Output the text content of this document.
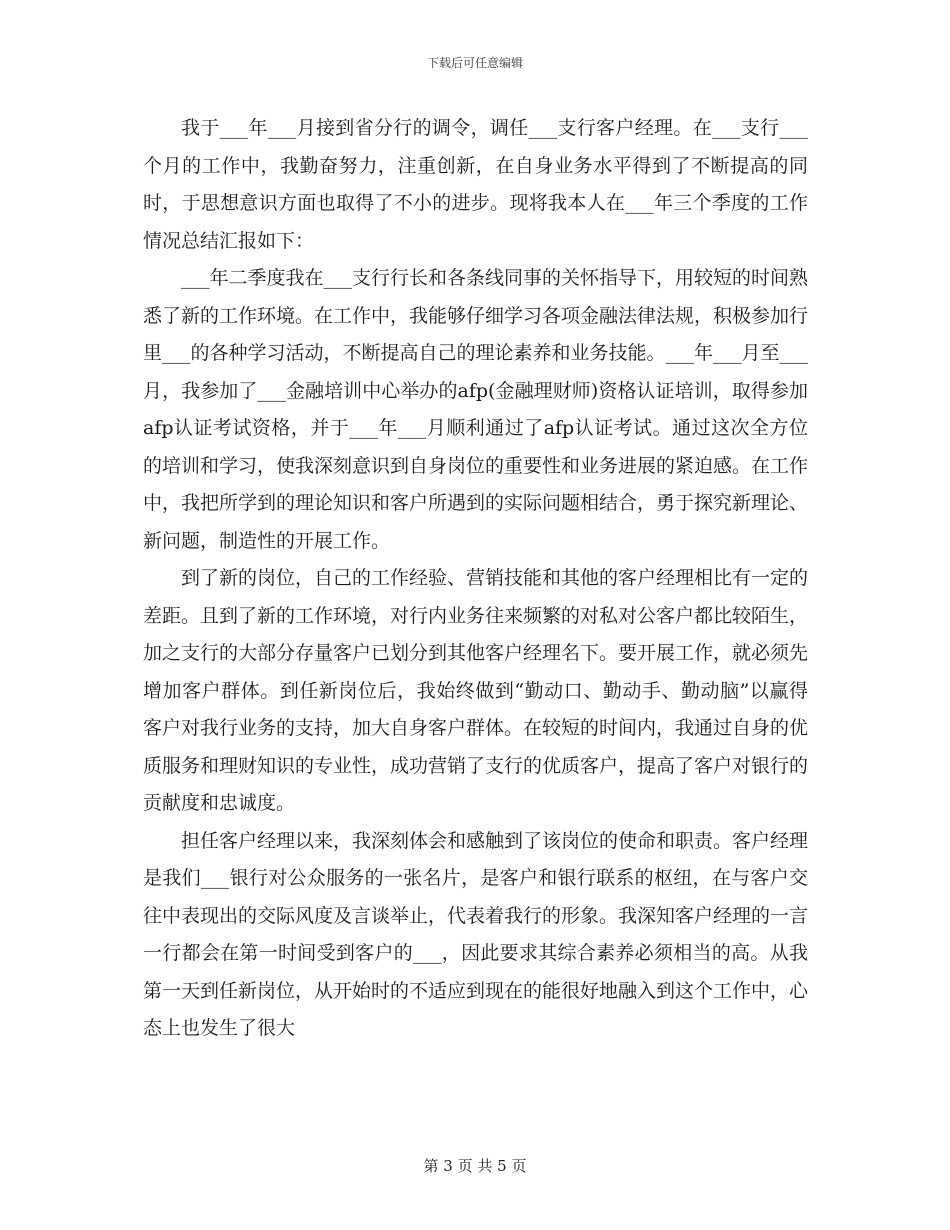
下载后可任意编辑

我于___年___月接到省分行的调令，调任___支行客户经理。在___支行___个月的工作中，我勤奋努力，注重创新，在自身业务水平得到了不断提高的同时，于思想意识方面也取得了不小的进步。现将我本人在___年三个季度的工作情况总结汇报如下：

___年二季度我在___支行行长和各条线同事的关怀指导下，用较短的时间熟悉了新的工作环境。在工作中，我能够仔细学习各项金融法律法规，积极参加行里___的各种学习活动，不断提高自己的理论素养和业务技能。___年___月至___月，我参加了___金融培训中心举办的afp(金融理财师)资格认证培训，取得参加afp认证考试资格，并于___年___月顺利通过了afp认证考试。通过这次全方位的培训和学习，使我深刻意识到自身岗位的重要性和业务进展的紧迫感。在工作中，我把所学到的理论知识和客户所遇到的实际问题相结合，勇于探究新理论、新问题，制造性的开展工作。

到了新的岗位，自己的工作经验、营销技能和其他的客户经理相比有一定的差距。且到了新的工作环境，对行内业务往来频繁的对私对公客户都比较陌生，加之支行的大部分存量客户已划分到其他客户经理名下。要开展工作，就必须先增加客户群体。到任新岗位后，我始终做到“勤动口、勤动手、勤动脑”以赢得客户对我行业务的支持，加大自身客户群体。在较短的时间内，我通过自身的优质服务和理财知识的专业性，成功营销了支行的优质客户，提高了客户对银行的贡献度和忠诚度。

担任客户经理以来，我深刻体会和感触到了该岗位的使命和职责。客户经理是我们___银行对公众服务的一张名片，是客户和银行联系的枢纽，在与客户交往中表现出的交际风度及言谈举止，代表着我行的形象。我深知客户经理的一言一行都会在第一时间受到客户的___，因此要求其综合素养必须相当的高。从我第一天到任新岗位，从开始时的不适应到现在的能很好地融入到这个工作中，心态上也发生了很大

第 3 页 共 5 页
